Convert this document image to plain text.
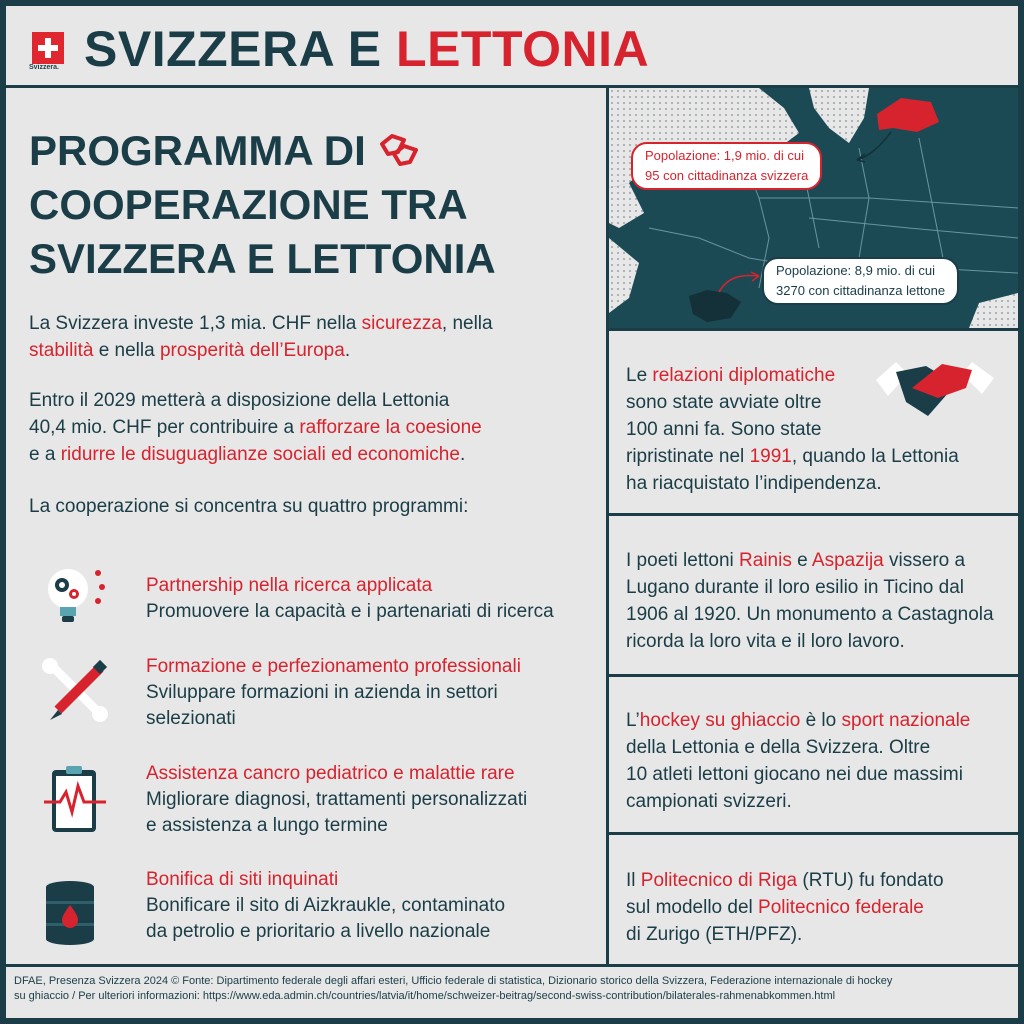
Svizzera. SVIZZERA E LETTONIA
PROGRAMMA DI
COOPERAZIONE TRA
SVIZZERA E LETTONIA
La Svizzera investe 1,3 mia. CHF nella sicurezza, nella
stabilità e nella prosperità dell’Europa.
Entro il 2029 metterà a disposizione della Lettonia
40,4 mio. CHF per contribuire a rafforzare la coesione
e a ridurre le disuguaglianze sociali ed economiche.
La cooperazione si concentra su quattro programmi:
Partnership nella ricerca applicata
Promuovere la capacità e i partenariati di ricerca
Formazione e perfezionamento professionali
Sviluppare formazioni in azienda in settori
selezionati
Assistenza cancro pediatrico e malattie rare
Migliorare diagnosi, trattamenti personalizzati
e assistenza a lungo termine
Bonifica di siti inquinati
Bonificare il sito di Aizkraukle, contaminato
da petrolio e prioritario a livello nazionale
Popolazione: 1,9 mio. di cui
95 con cittadinanza svizzera
Popolazione: 8,9 mio. di cui
3270 con cittadinanza lettone
Le relazioni diplomatiche
sono state avviate oltre
100 anni fa. Sono state
ripristinate nel 1991, quando la Lettonia
ha riacquistato l’indipendenza.
I poeti lettoni Rainis e Aspazija vissero a
Lugano durante il loro esilio in Ticino dal
1906 al 1920. Un monumento a Castagnola
ricorda la loro vita e il loro lavoro.
L’hockey su ghiaccio è lo sport nazionale
della Lettonia e della Svizzera. Oltre
10 atleti lettoni giocano nei due massimi
campionati svizzeri.
Il Politecnico di Riga (RTU) fu fondato
sul modello del Politecnico federale
di Zurigo (ETH/PFZ).
DFAE, Presenza Svizzera 2024 © Fonte: Dipartimento federale degli affari esteri, Ufficio federale di statistica, Dizionario storico della Svizzera, Federazione internazionale di hockey
su ghiaccio / Per ulteriori informazioni: https://www.eda.admin.ch/countries/latvia/it/home/schweizer-beitrag/second-swiss-contribution/bilaterales-rahmenabkommen.html
